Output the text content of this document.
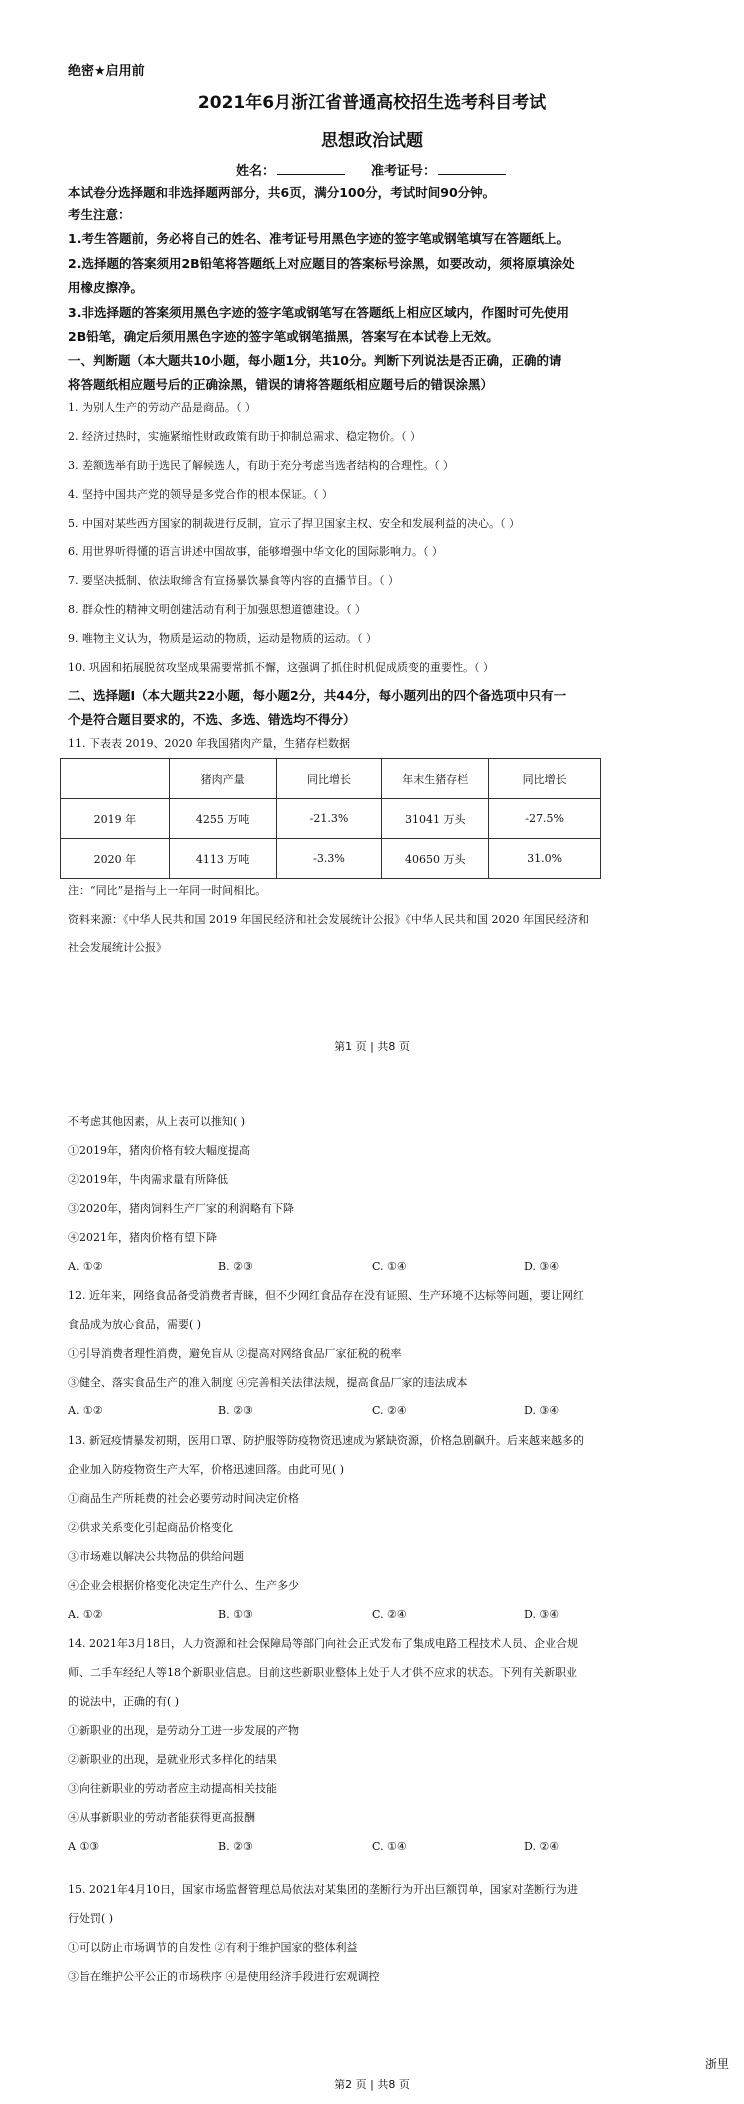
绝密★启用前
2021年6月浙江省普通高校招生选考科目考试
思想政治试题
姓名：	准考证号：
本试卷分选择题和非选择题两部分，共6页，满分100分，考试时间90分钟。
考生注意：
1.考生答题前，务必将自己的姓名、准考证号用黑色字迹的签字笔或钢笔填写在答题纸上。
2.选择题的答案须用2B铅笔将答题纸上对应题目的答案标号涂黑，如要改动，须将原填涂处
用橡皮擦净。
3.非选择题的答案须用黑色字迹的签字笔或钢笔写在答题纸上相应区域内，作图时可先使用
2B铅笔，确定后须用黑色字迹的签字笔或钢笔描黑，答案写在本试卷上无效。
一、判断题（本大题共10小题，每小题1分，共10分。判断下列说法是否正确，正确的请
将答题纸相应题号后的正确涂黑，错误的请将答题纸相应题号后的错误涂黑）
1. 为别人生产的劳动产品是商品。（ ）
2. 经济过热时，实施紧缩性财政政策有助于抑制总需求、稳定物价。（ ）
3. 差额选举有助于选民了解候选人，有助于充分考虑当选者结构的合理性。（ ）
4. 坚持中国共产党的领导是多党合作的根本保证。（ ）
5. 中国对某些西方国家的制裁进行反制，宣示了捍卫国家主权、安全和发展利益的决心。（ ）
6. 用世界听得懂的语言讲述中国故事，能够增强中华文化的国际影响力。（ ）
7. 要坚决抵制、依法取缔含有宣扬暴饮暴食等内容的直播节目。（ ）
8. 群众性的精神文明创建活动有利于加强思想道德建设。（ ）
9. 唯物主义认为，物质是运动的物质，运动是物质的运动。（ ）
10. 巩固和拓展脱贫攻坚成果需要常抓不懈，这强调了抓住时机促成质变的重要性。（ ）
二、选择题Ⅰ（本大题共22小题，每小题2分，共44分，每小题列出的四个备选项中只有一
个是符合题目要求的，不选、多选、错选均不得分）
11. 下表表 2019、2020 年我国猪肉产量，生猪存栏数据
	猪肉产量	同比增长	年末生猪存栏	同比增长
2019 年	4255 万吨	-21.3%	31041 万头	-27.5%
2020 年	4113 万吨	-3.3%	40650 万头	31.0%
注：“同比”是指与上一年同一时间相比。
资料来源：《中华人民共和国 2019 年国民经济和社会发展统计公报》《中华人民共和国 2020 年国民经济和
社会发展统计公报》
第1 页 | 共8 页
不考虑其他因素，从上表可以推知( )
①2019年，猪肉价格有较大幅度提高
②2019年，牛肉需求量有所降低
③2020年，猪肉饲料生产厂家的利润略有下降
④2021年，猪肉价格有望下降
A. ①②	B. ②③	C. ①④	D. ③④
12. 近年来，网络食品备受消费者青睐，但不少网红食品存在没有证照、生产环境不达标等问题，要让网红
食品成为放心食品，需要( )
①引导消费者理性消费，避免盲从 ②提高对网络食品厂家征税的税率
③健全、落实食品生产的准入制度 ④完善相关法律法规，提高食品厂家的违法成本
A. ①②	B. ②③	C. ②④	D. ③④
13. 新冠疫情暴发初期，医用口罩、防护服等防疫物资迅速成为紧缺资源，价格急剧飙升。后来越来越多的
企业加入防疫物资生产大军，价格迅速回落。由此可见( )
①商品生产所耗费的社会必要劳动时间决定价格
②供求关系变化引起商品价格变化
③市场难以解决公共物品的供给问题
④企业会根据价格变化决定生产什么、生产多少
A. ①②	B. ①③	C. ②④	D. ③④
14. 2021年3月18日，人力资源和社会保障局等部门向社会正式发布了集成电路工程技术人员、企业合规
师、二手车经纪人等18个新职业信息。目前这些新职业整体上处于人才供不应求的状态。下列有关新职业
的说法中，正确的有( )
①新职业的出现，是劳动分工进一步发展的产物
②新职业的出现，是就业形式多样化的结果
③向往新职业的劳动者应主动提高相关技能
④从事新职业的劳动者能获得更高报酬
A ①③	B. ②③	C. ①④	D. ②④
15. 2021年4月10日，国家市场监督管理总局依法对某集团的垄断行为开出巨额罚单，国家对垄断行为进
行处罚( )
①可以防止市场调节的自发性 ②有利于维护国家的整体利益
③旨在维护公平公正的市场秩序 ④是使用经济手段进行宏观调控
第2 页 | 共8 页
浙里
